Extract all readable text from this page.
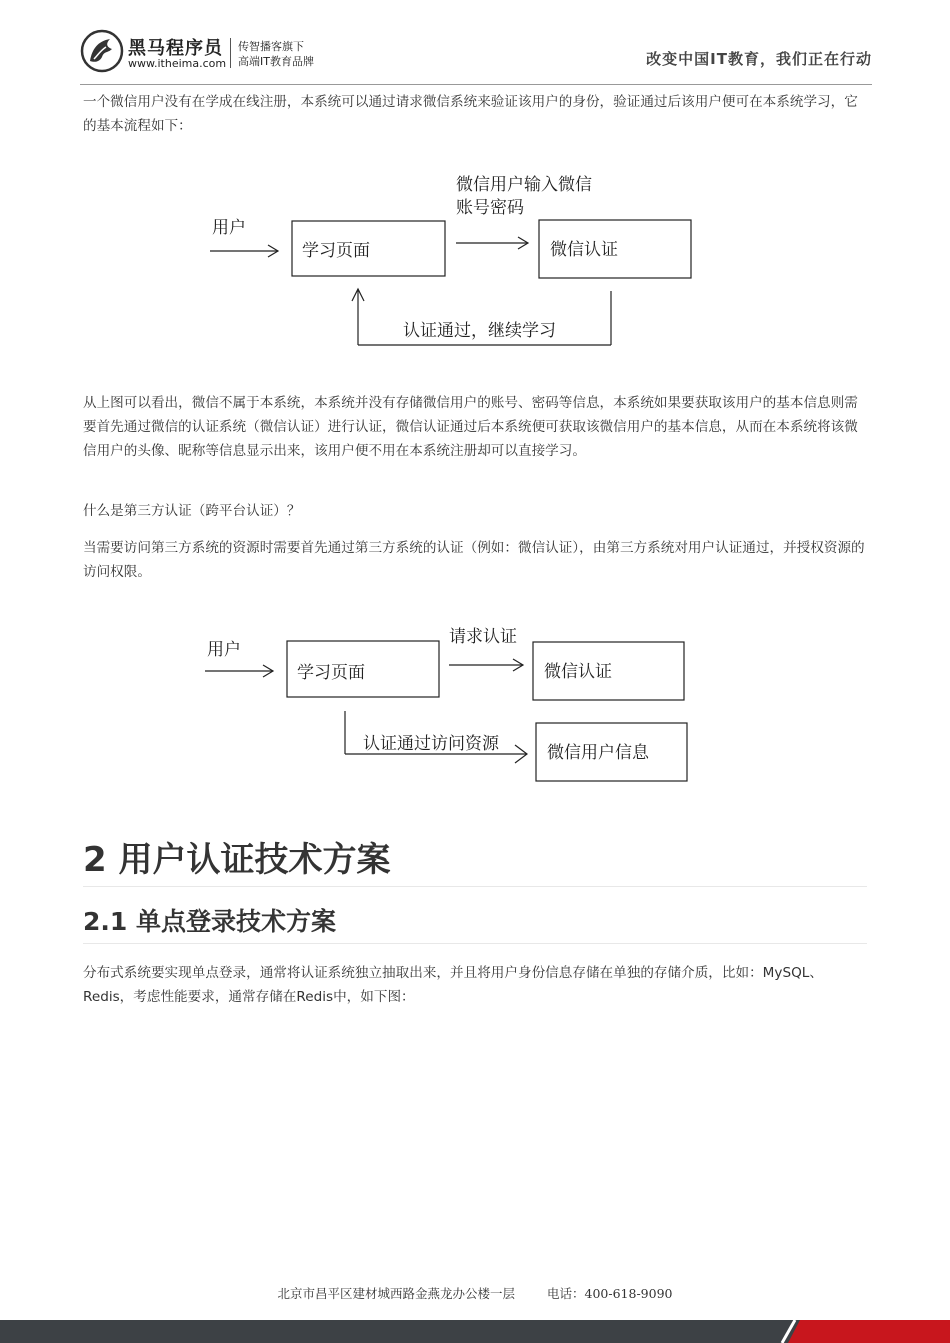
黑马程序员
www.itheima.com
传智播客旗下
高端IT教育品牌	改变中国IT教育，我们正在行动

一个微信用户没有在学成在线注册，本系统可以通过请求微信系统来验证该用户的身份，验证通过后该用户便可在本系统学习，它的基本流程如下：

用户
学习页面	微信认证
微信用户输入微信
账号密码
认证通过，继续学习

从上图可以看出，微信不属于本系统，本系统并没有存储微信用户的账号、密码等信息，本系统如果要获取该用户的基本信息则需要首先通过微信的认证系统（微信认证）进行认证，微信认证通过后本系统便可获取该微信用户的基本信息，从而在本系统将该微信用户的头像、昵称等信息显示出来，该用户便不用在本系统注册却可以直接学习。

什么是第三方认证（跨平台认证）？

当需要访问第三方系统的资源时需要首先通过第三方系统的认证（例如：微信认证），由第三方系统对用户认证通过，并授权资源的访问权限。

用户
学习页面
请求认证
微信认证
认证通过访问资源	微信用户信息
2 用户认证技术方案
2.1 单点登录技术方案

分布式系统要实现单点登录，通常将认证系统独立抽取出来，并且将用户身份信息存储在单独的存储介质，比如：MySQL、Redis，考虑性能要求，通常存储在Redis中，如下图：

北京市昌平区建材城西路金燕龙办公楼一层	电话：400-618-9090
